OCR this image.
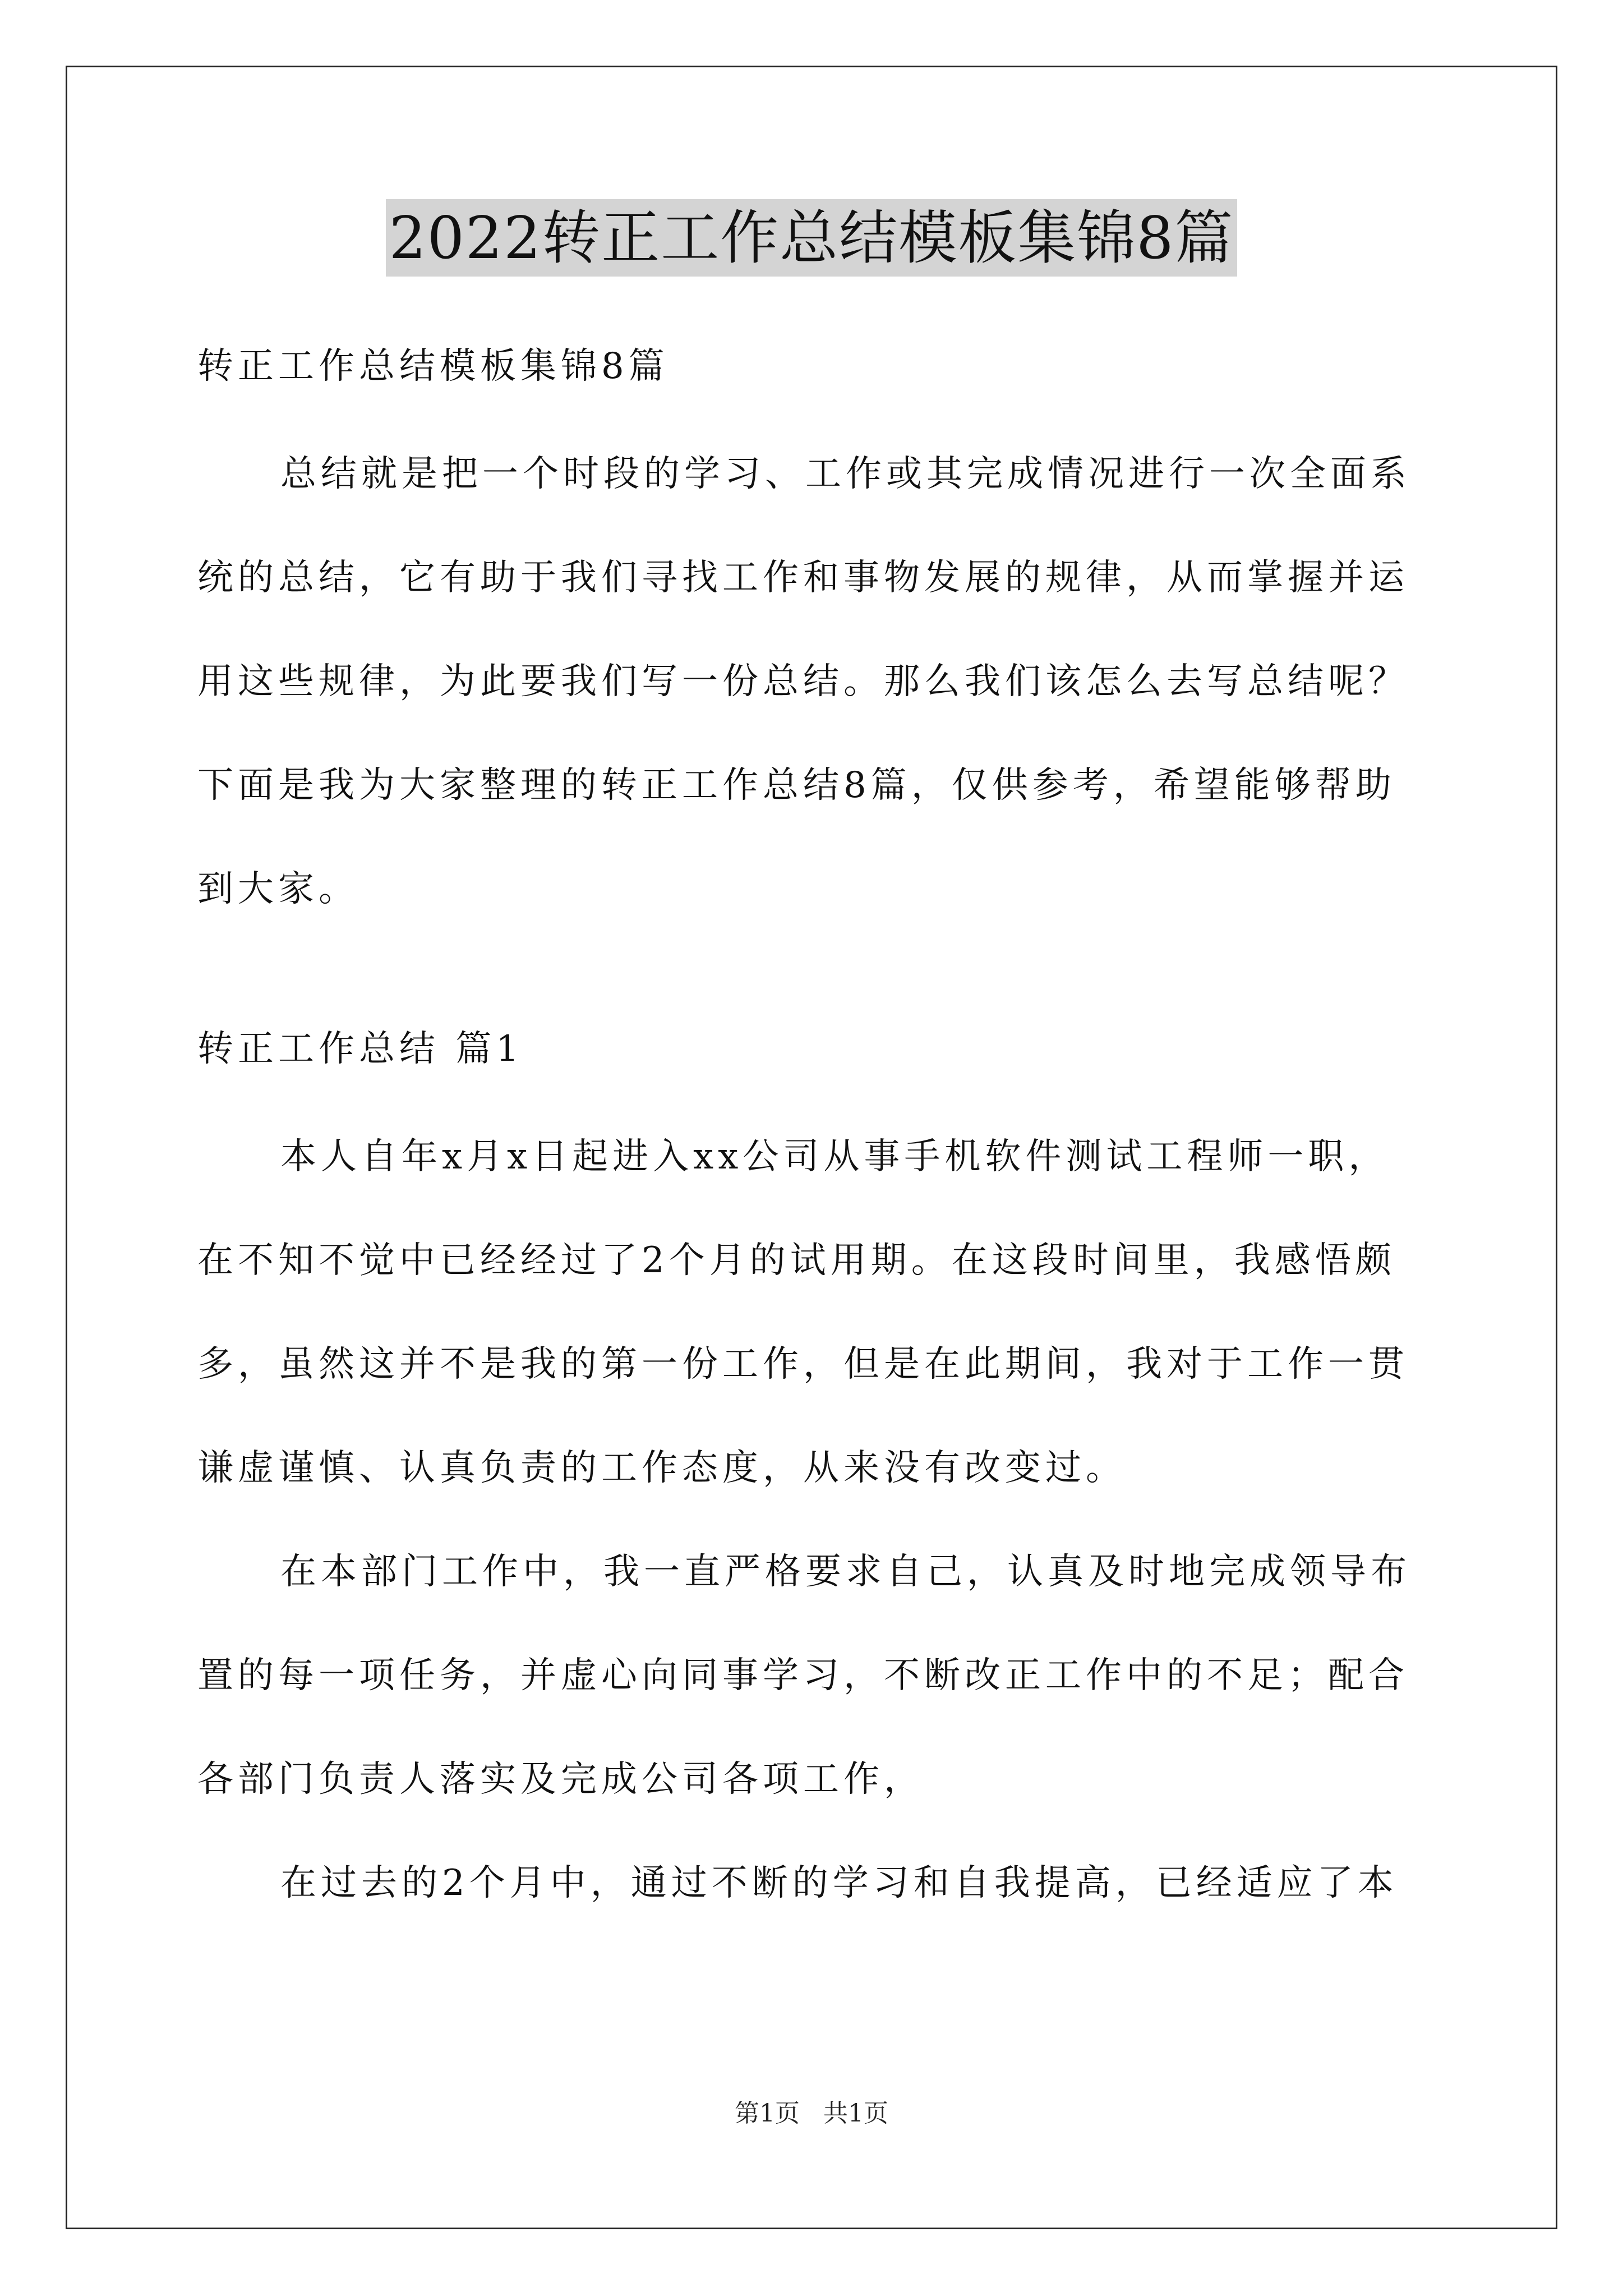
2022转正工作总结模板集锦8篇

转正工作总结模板集锦8篇

总结就是把一个时段的学习、工作或其完成情况进行一次全面系

统的总结，它有助于我们寻找工作和事物发展的规律，从而掌握并运

用这些规律，为此要我们写一份总结。那么我们该怎么去写总结呢？

下面是我为大家整理的转正工作总结8篇，仅供参考，希望能够帮助

到大家。

转正工作总结 篇1

本人自年x月x日起进入xx公司从事手机软件测试工程师一职，

在不知不觉中已经经过了2个月的试用期。在这段时间里，我感悟颇

多，虽然这并不是我的第一份工作，但是在此期间，我对于工作一贯

谦虚谨慎、认真负责的工作态度，从来没有改变过。

在本部门工作中，我一直严格要求自己，认真及时地完成领导布

置的每一项任务，并虚心向同事学习，不断改正工作中的不足；配合

各部门负责人落实及完成公司各项工作，

在过去的2个月中，通过不断的学习和自我提高，已经适应了本

第1页 共1页
